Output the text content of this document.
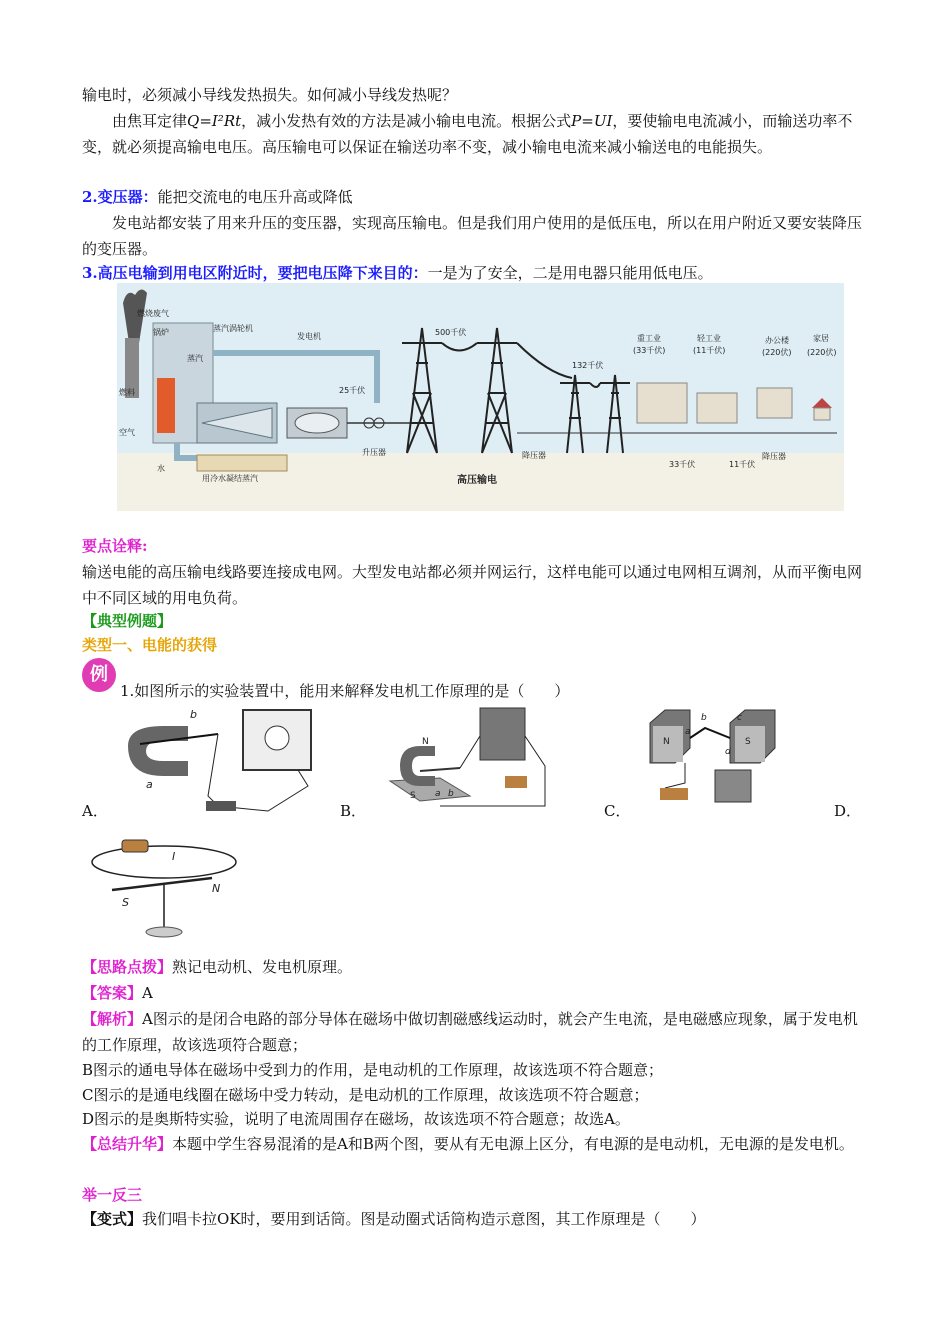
输电时，必须减小导线发热损失。如何减小导线发热呢？

由焦耳定律Q=I²Rt，减小发热有效的方法是减小输电电流。根据公式P=UI，要使输电电流减小，而输送功率不变，就必须提高输电电压。高压输电可以保证在输送功率不变，减小输电电流来减小输送电的电能损失。

2.变压器：能把交流电的电压升高或降低

发电站都安装了用来升压的变压器，实现高压输电。但是我们用户使用的是低压电，所以在用户附近又要安装降压的变压器。

3.高压电输到用电区附近时，要把电压降下来目的：一是为了安全，二是用电器只能用低电压。

燃烧废气
锅炉
蒸汽
蒸汽涡轮机
发电机
燃料
空气
水
用冷水凝结蒸汽
25千伏
升压器
500千伏
高压输电
132千伏
降压器
重工业
(33千伏)
轻工业
(11千伏)
办公楼
(220伏)
家居
(220伏)
33千伏	11千伏
降压器

要点诠释:

输送电能的高压输电线路要连接成电网。大型发电站都必须并网运行，这样电能可以通过电网相互调剂，从而平衡电网中不同区域的用电负荷。

【典型例题】

类型一、电能的获得

例

1.如图所示的实验装置中，能用来解释发电机工作原理的是（　　）

b
a
A．
N
S a b
B．
N	S
a
b	c
d
C．	D．
I
S
N

【思路点拨】熟记电动机、发电机原理。

【答案】A

【解析】A图示的是闭合电路的部分导体在磁场中做切割磁感线运动时，就会产生电流，是电磁感应现象，属于发电机的工作原理，故该选项符合题意；

B图示的通电导体在磁场中受到力的作用，是电动机的工作原理，故该选项不符合题意；

C图示的是通电线圈在磁场中受力转动，是电动机的工作原理，故该选项不符合题意；

D图示的是奥斯特实验，说明了电流周围存在磁场，故该选项不符合题意；故选A。

【总结升华】本题中学生容易混淆的是A和B两个图，要从有无电源上区分，有电源的是电动机，无电源的是发电机。

举一反三

【变式】我们唱卡拉OK时，要用到话筒。图是动圈式话筒构造示意图，其工作原理是（　　）
